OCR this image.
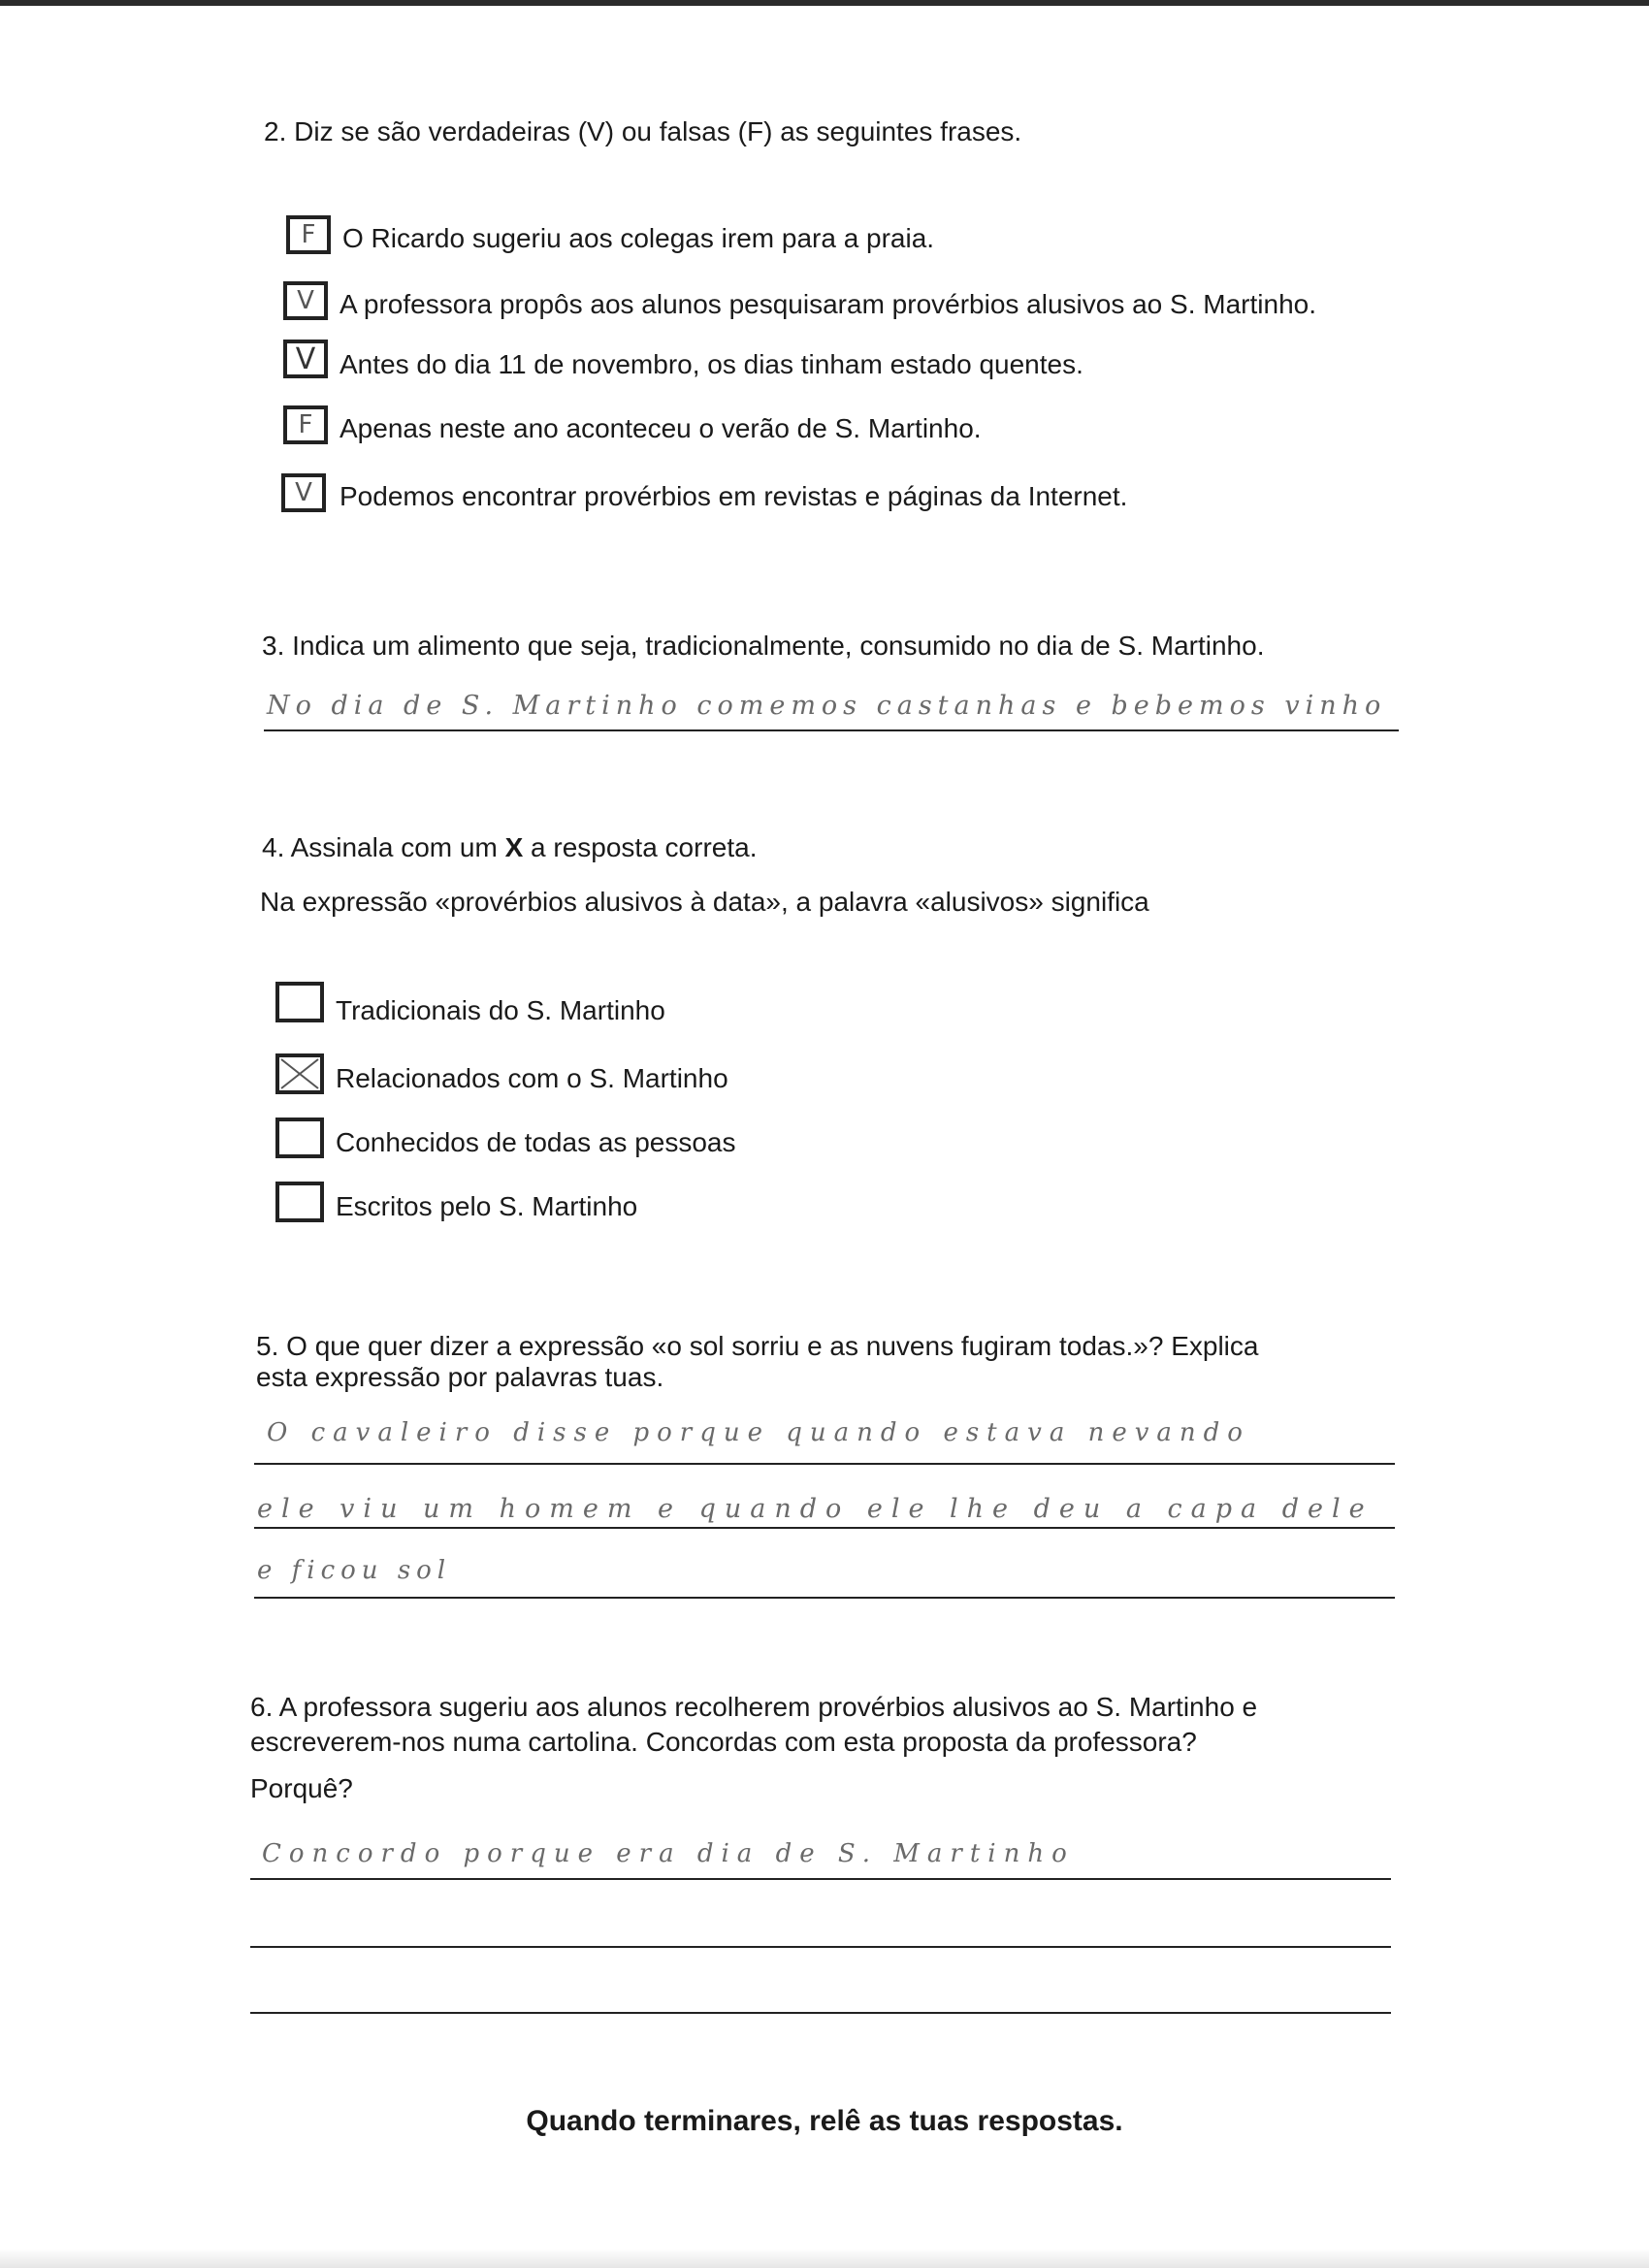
2. Diz se são verdadeiras (V) ou falsas (F) as seguintes frases.
F O Ricardo sugeriu aos colegas irem para a praia.
V A professora propôs aos alunos pesquisaram provérbios alusivos ao S. Martinho.
V Antes do dia 11 de novembro, os dias tinham estado quentes.
F Apenas neste ano aconteceu o verão de S. Martinho.
V	Podemos encontrar provérbios em revistas e páginas da Internet.
3. Indica um alimento que seja, tradicionalmente, consumido no dia de S. Martinho.
No dia de S. Martinho comemos castanhas e bebemos vinho
4. Assinala com um X a resposta correta.
Na expressão «provérbios alusivos à data», a palavra «alusivos» significa
Tradicionais do S. Martinho
Relacionados com o S. Martinho
Conhecidos de todas as pessoas
Escritos pelo S. Martinho
5. O que quer dizer a expressão «o sol sorriu e as nuvens fugiram todas.»? Explica
esta expressão por palavras tuas.
O cavaleiro disse porque quando estava nevando
ele viu um homem e quando ele lhe deu a capa dele
e ficou sol
6. A professora sugeriu aos alunos recolherem provérbios alusivos ao S. Martinho e
escreverem-nos numa cartolina. Concordas com esta proposta da professora?
Porquê?
Concordo porque era dia de S. Martinho
Quando terminares, relê as tuas respostas.
